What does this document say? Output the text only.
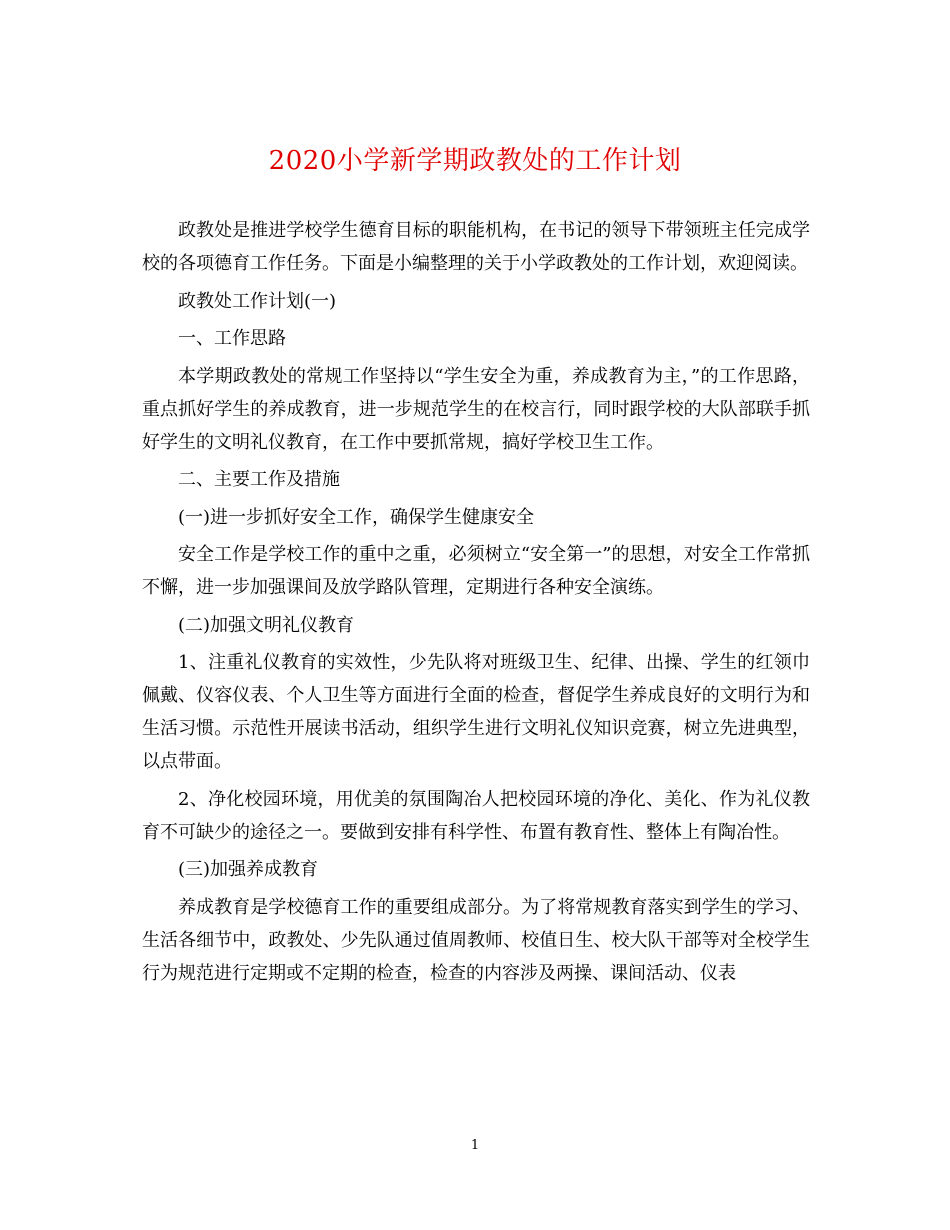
2020小学新学期政教处的工作计划

政教处是推进学校学生德育目标的职能机构，在书记的领导下带领班主任完成学校的各项德育工作任务。下面是小编整理的关于小学政教处的工作计划，欢迎阅读。

政教处工作计划(一)

一、工作思路

本学期政教处的常规工作坚持以“学生安全为重，养成教育为主，”的工作思路，重点抓好学生的养成教育，进一步规范学生的在校言行，同时跟学校的大队部联手抓好学生的文明礼仪教育，在工作中要抓常规，搞好学校卫生工作。

二、主要工作及措施

(一)进一步抓好安全工作，确保学生健康安全

安全工作是学校工作的重中之重，必须树立“安全第一”的思想，对安全工作常抓不懈，进一步加强课间及放学路队管理，定期进行各种安全演练。

(二)加强文明礼仪教育

1、注重礼仪教育的实效性，少先队将对班级卫生、纪律、出操、学生的红领巾佩戴、仪容仪表、个人卫生等方面进行全面的检查，督促学生养成良好的文明行为和生活习惯。示范性开展读书活动，组织学生进行文明礼仪知识竞赛，树立先进典型，以点带面。

2、净化校园环境，用优美的氛围陶冶人把校园环境的净化、美化、作为礼仪教育不可缺少的途径之一。要做到安排有科学性、布置有教育性、整体上有陶冶性。

(三)加强养成教育

养成教育是学校德育工作的重要组成部分。为了将常规教育落实到学生的学习、生活各细节中，政教处、少先队通过值周教师、校值日生、校大队干部等对全校学生行为规范进行定期或不定期的检查，检查的内容涉及两操、课间活动、仪表

1
